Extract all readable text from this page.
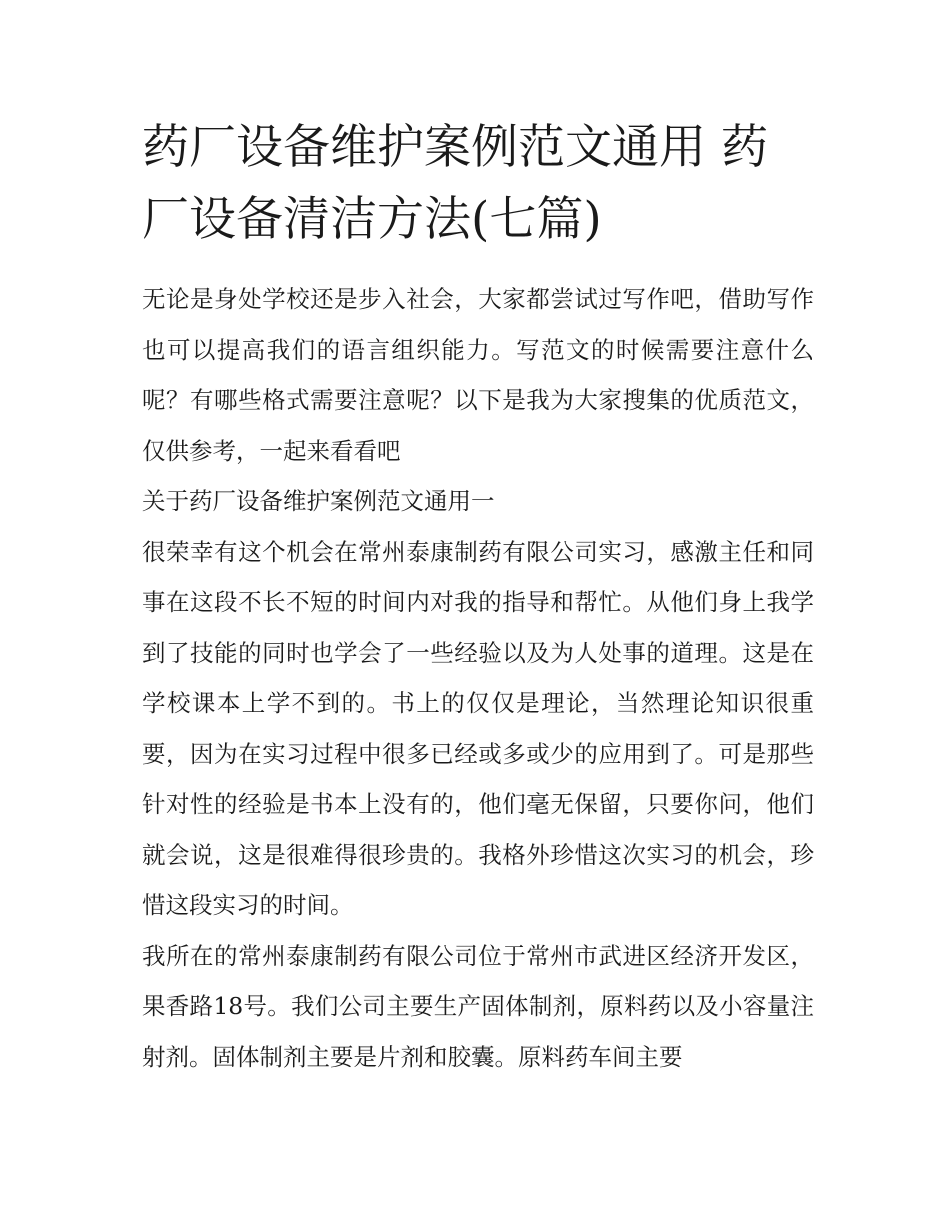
药厂设备维护案例范文通用 药厂设备清洁方法(七篇)

无论是身处学校还是步入社会，大家都尝试过写作吧，借助写作也可以提高我们的语言组织能力。写范文的时候需要注意什么呢？有哪些格式需要注意呢？以下是我为大家搜集的优质范文，仅供参考，一起来看看吧

关于药厂设备维护案例范文通用一

很荣幸有这个机会在常州泰康制药有限公司实习，感激主任和同事在这段不长不短的时间内对我的指导和帮忙。从他们身上我学到了技能的同时也学会了一些经验以及为人处事的道理。这是在学校课本上学不到的。书上的仅仅是理论，当然理论知识很重要，因为在实习过程中很多已经或多或少的应用到了。可是那些针对性的经验是书本上没有的，他们毫无保留，只要你问，他们就会说，这是很难得很珍贵的。我格外珍惜这次实习的机会，珍惜这段实习的时间。

我所在的常州泰康制药有限公司位于常州市武进区经济开发区，果香路18号。我们公司主要生产固体制剂，原料药以及小容量注射剂。固体制剂主要是片剂和胶囊。原料药车间主要
